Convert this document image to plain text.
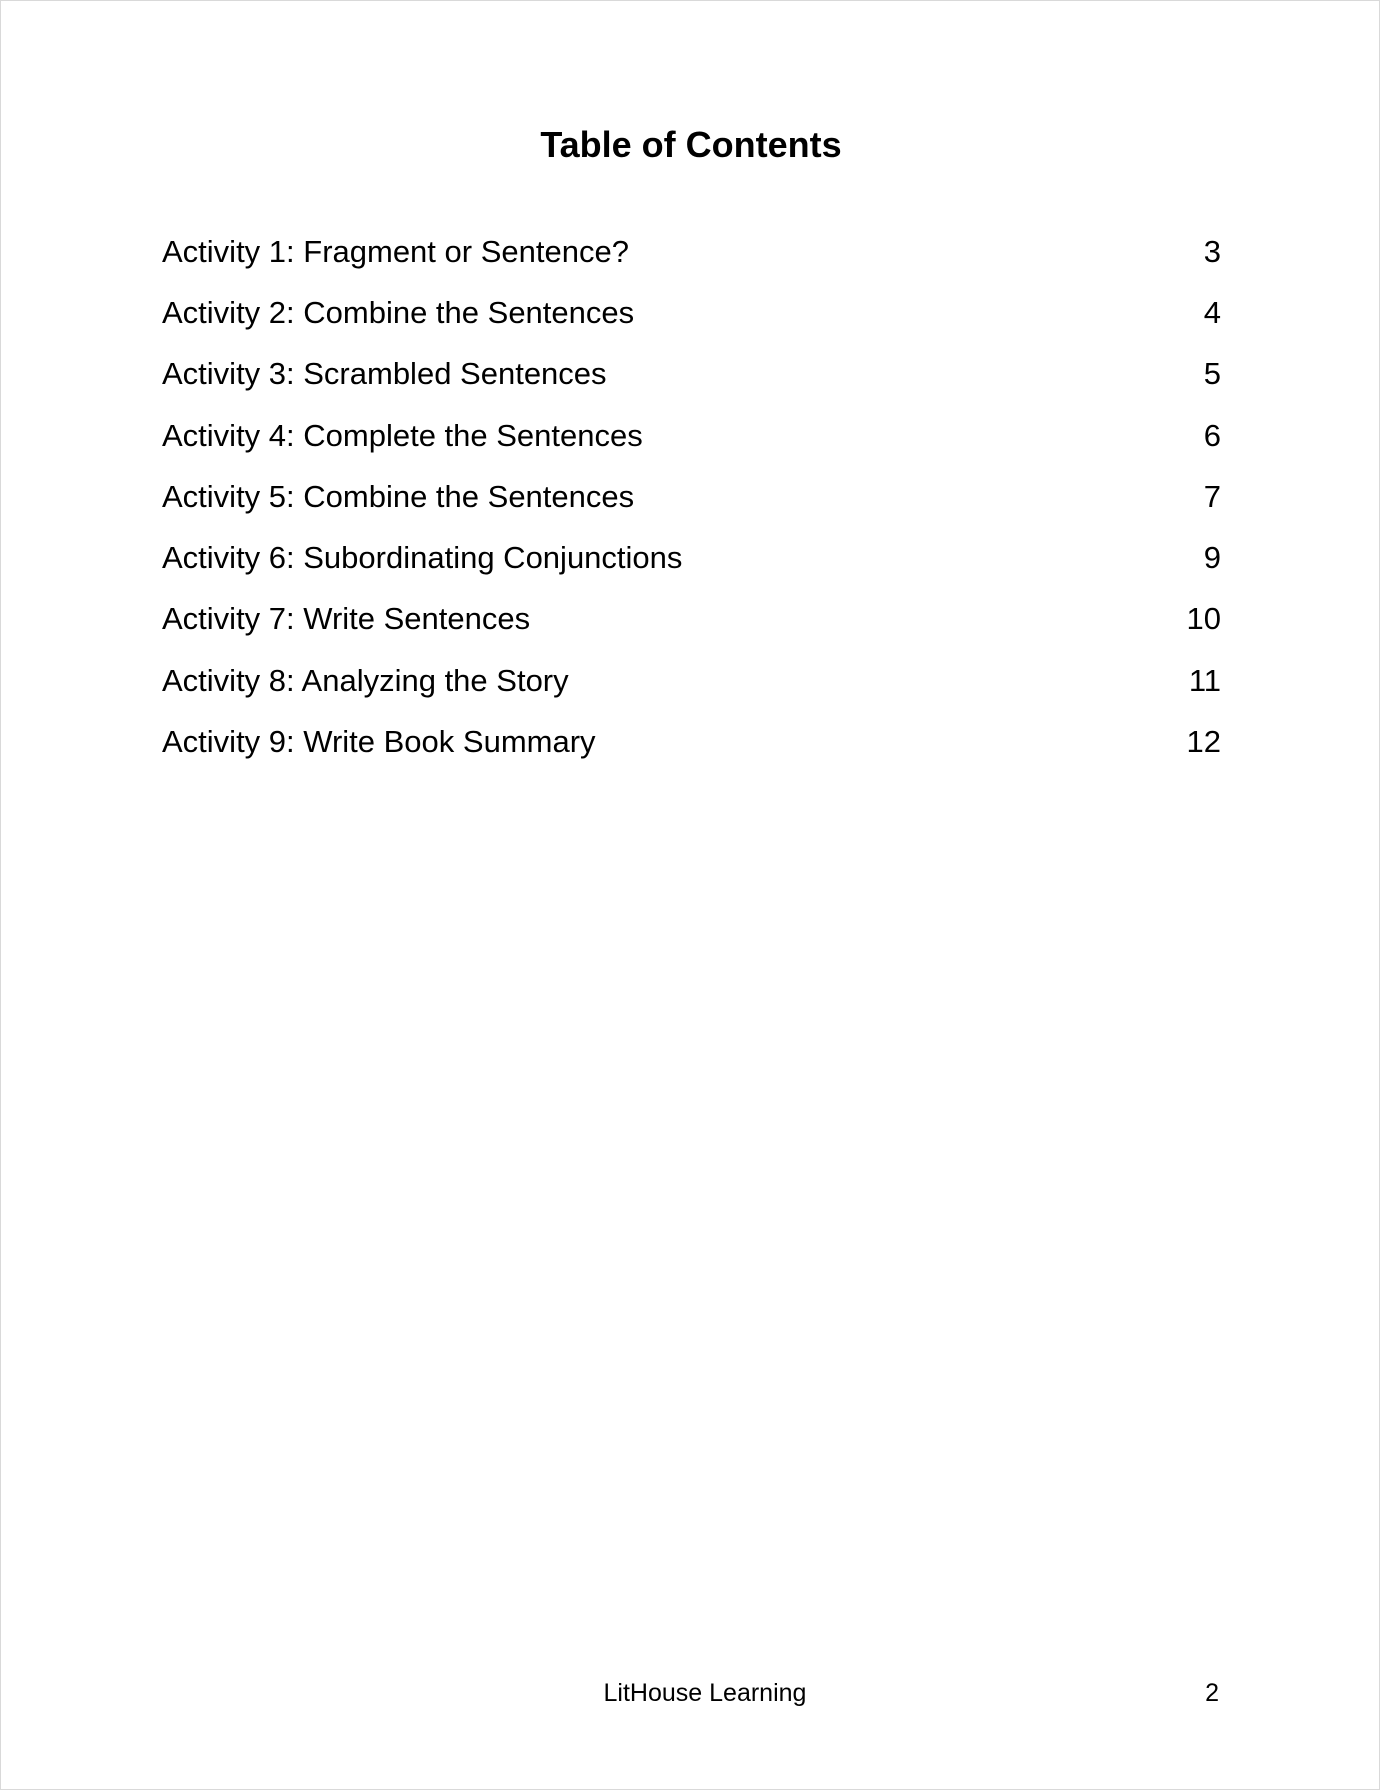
Table of Contents
Activity 1: Fragment or Sentence?	3
Activity 2: Combine the Sentences	4
Activity 3: Scrambled Sentences	5
Activity 4: Complete the Sentences	6
Activity 5: Combine the Sentences	7
Activity 6: Subordinating Conjunctions	9
Activity 7: Write Sentences	10
Activity 8: Analyzing the Story	11
Activity 9: Write Book Summary	12
LitHouse Learning	2
